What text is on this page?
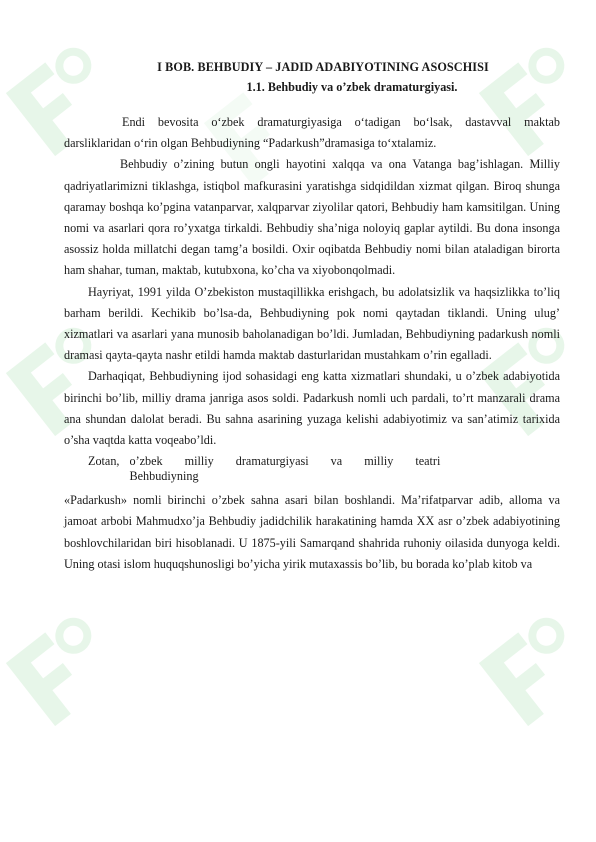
I BOB. BEHBUDIY – JADID ADABIYOTINING ASOSCHISI
1.1. Behbudiy va o’zbek dramaturgiyasi.

Endi bevosita o‘zbek dramaturgiyasiga o‘tadigan bo‘lsak, dastavval maktab darsliklaridan o‘rin olgan Behbudiyning “Padarkush”dramasiga to‘xtalamiz.

Behbudiy o’zining butun ongli hayotini xalqqa va ona Vatanga bag’ishlagan. Milliy qadriyatlarimizni tiklashga, istiqbol mafkurasini yaratishga sidqidildan xizmat qilgan. Biroq shunga qaramay boshqa ko’pgina vatanparvar, xalqparvar ziyolilar qatori, Behbudiy ham kamsitilgan. Uning nomi va asarlari qora ro’yxatga tirkaldi. Behbudiy sha’niga noloyiq gaplar aytildi. Bu dona insonga asossiz holda millatchi degan tamg’a bosildi. Oxir oqibatda Behbudiy nomi bilan ataladigan birorta ham shahar, tuman, maktab, kutubxona, ko’cha va xiyobonqolmadi.

Hayriyat, 1991 yilda O’zbekiston mustaqillikka erishgach, bu adolatsizlik va haqsizlikka to’liq barham berildi. Kechikib bo’lsa-da, Behbudiyning pok nomi qaytadan tiklandi. Uning ulug’ xizmatlari va asarlari yana munosib baholanadigan bo’ldi. Jumladan, Behbudiyning padarkush nomli dramasi qayta-qayta nashr etildi hamda maktab dasturlaridan mustahkam o’rin egalladi.

Darhaqiqat, Behbudiyning ijod sohasidagi eng katta xizmatlari shundaki, u o’zbek adabiyotida birinchi bo’lib, milliy drama janriga asos soldi. Padarkush nomli uch pardali, to’rt manzarali drama ana shundan dalolat beradi. Bu sahna asarining yuzaga kelishi adabiyotimiz va san’atimiz tarixida o’sha vaqtda katta voqeabo’ldi.

Zotan, o’zbek milliy dramaturgiyasi va milliy teatri
Behbudiyning

«Padarkush» nomli birinchi o’zbek sahna asari bilan boshlandi. Ma’rifatparvar adib, alloma va jamoat arbobi Mahmudxo’ja Behbudiy jadidchilik harakatining hamda XX asr o’zbek adabiyotining boshlovchilaridan biri hisoblanadi. U 1875-yili Samarqand shahrida ruhoniy oilasida dunyoga keldi. Uning otasi islom huquqshunosligi bo’yicha yirik mutaxassis bo’lib, bu borada ko’plab kitob va
